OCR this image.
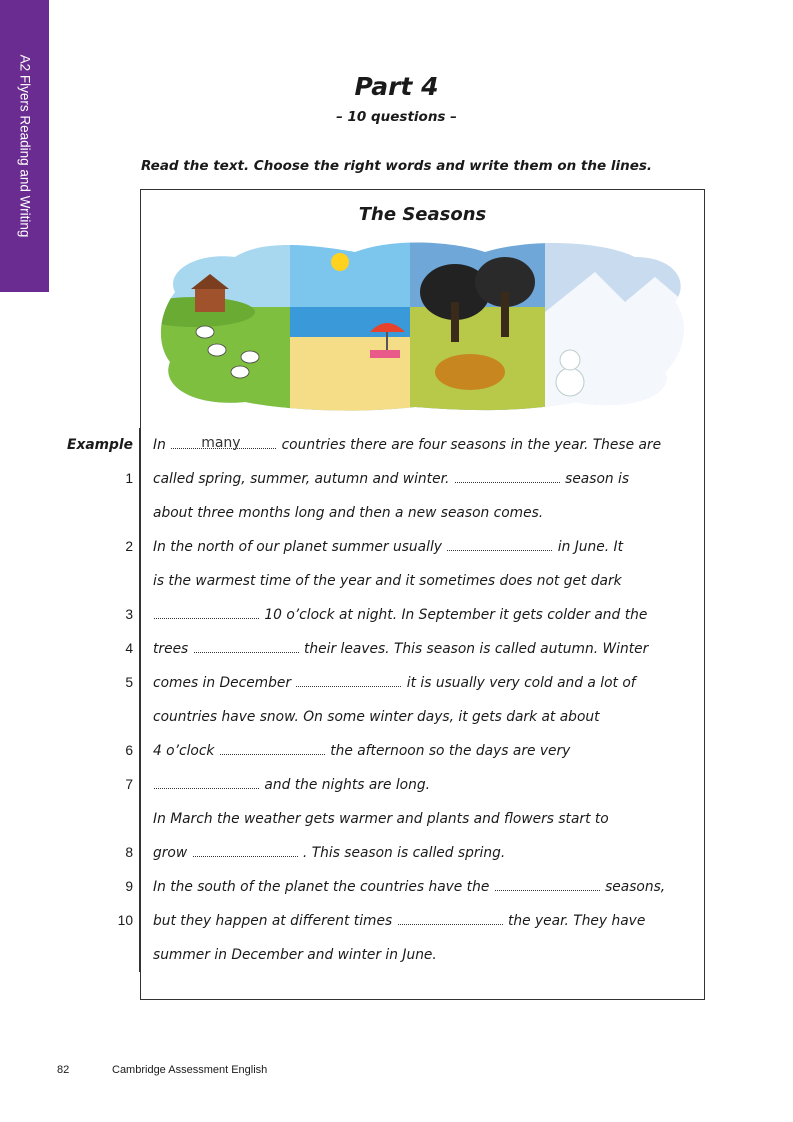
A2 Flyers Reading and Writing	Part 4
– 10 questions –
Read the text. Choose the right words and write them on the lines.
The Seasons
Example In many	countries there are four seasons in the year. These are
1 called spring, summer, autumn and winter.	season is
about three months long and then a new season comes.
2 In the north of our planet summer usually	in June. It
is the warmest time of the year and it sometimes does not get dark
3	10 o’clock at night. In September it gets colder and the
4 trees	their leaves. This season is called autumn. Winter
5 comes in December	it is usually very cold and a lot of
countries have snow. On some winter days, it gets dark at about
6 4 o’clock	the afternoon so the days are very
7	and the nights are long.
In March the weather gets warmer and plants and flowers start to
8 grow	. This season is called spring.
9 In the south of the planet the countries have the	seasons,
10 but they happen at different times	the year. They have
summer in December and winter in June.
82	Cambridge Assessment English
